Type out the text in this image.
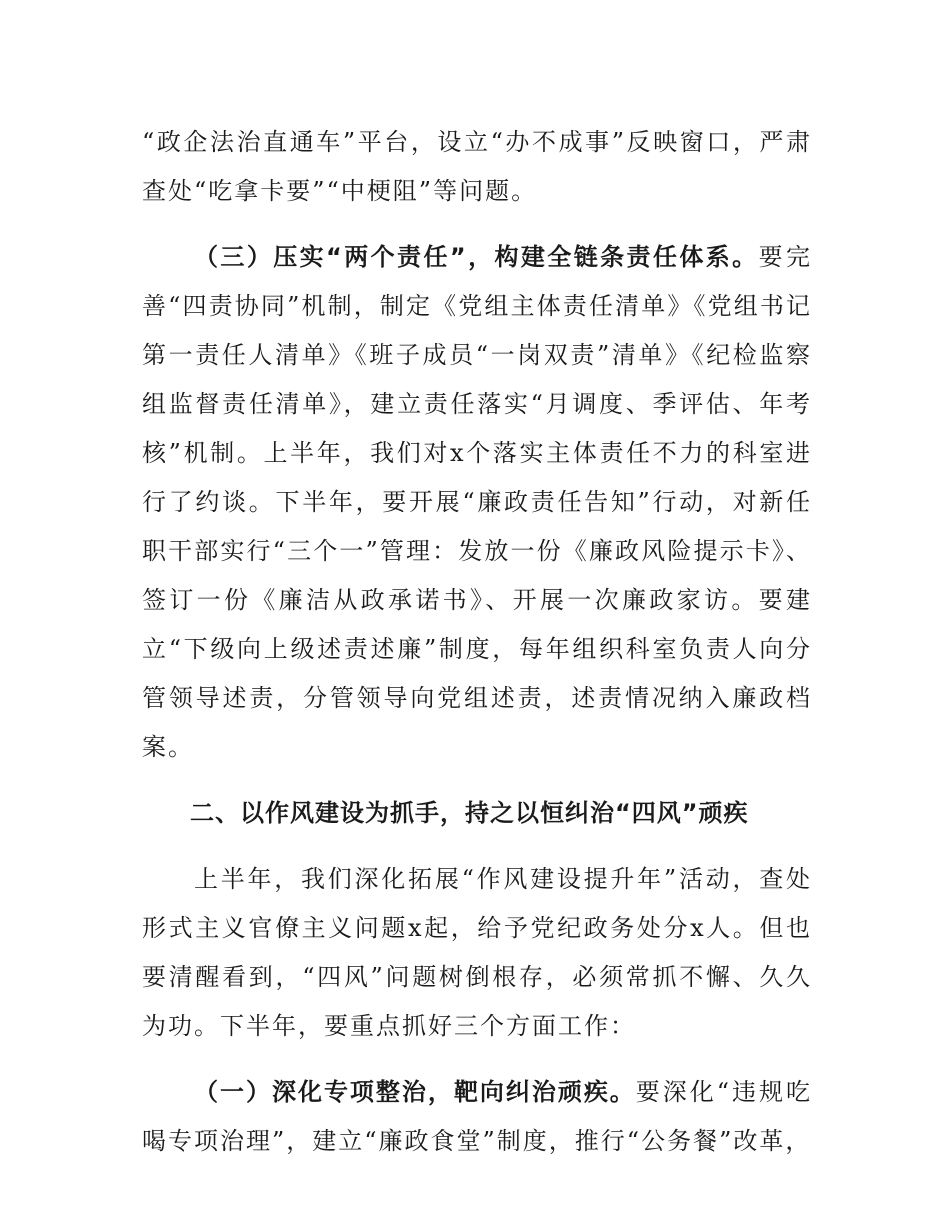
“政企法治直通车”平台，设立“办不成事”反映窗口，严肃查处“吃拿卡要”“中梗阻”等问题。

（三）压实“两个责任”，构建全链条责任体系。要完善“四责协同”机制，制定《党组主体责任清单》《党组书记第一责任人清单》《班子成员“一岗双责”清单》《纪检监察组监督责任清单》，建立责任落实“月调度、季评估、年考核”机制。上半年，我们对x个落实主体责任不力的科室进行了约谈。下半年，要开展“廉政责任告知”行动，对新任职干部实行“三个一”管理：发放一份《廉政风险提示卡》、签订一份《廉洁从政承诺书》、开展一次廉政家访。要建立“下级向上级述责述廉”制度，每年组织科室负责人向分管领导述责，分管领导向党组述责，述责情况纳入廉政档案。

二、以作风建设为抓手，持之以恒纠治“四风”顽疾

上半年，我们深化拓展“作风建设提升年”活动，查处形式主义官僚主义问题x起，给予党纪政务处分x人。但也要清醒看到，“四风”问题树倒根存，必须常抓不懈、久久为功。下半年，要重点抓好三个方面工作：

（一）深化专项整治，靶向纠治顽疾。要深化“违规吃喝专项治理”，建立“廉政食堂”制度，推行“公务餐”改革，
